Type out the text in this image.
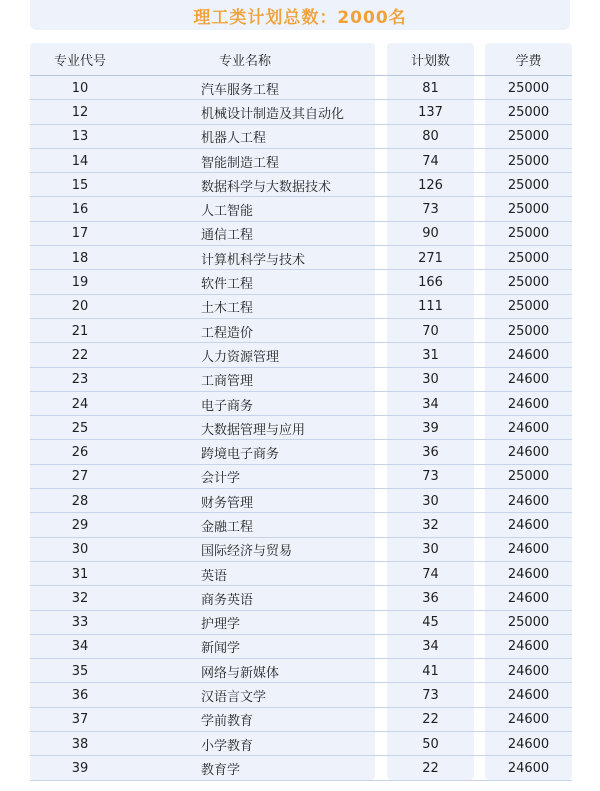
理工类计划总数：2000名
专业代号	专业名称	计划数	学费
10	汽车服务工程	81	25000
12	机械设计制造及其自动化	137	25000
13	机器人工程	80	25000
14	智能制造工程	74	25000
15	数据科学与大数据技术	126	25000
16	人工智能	73	25000
17	通信工程	90	25000
18	计算机科学与技术	271	25000
19	软件工程	166	25000
20	土木工程	111	25000
21	工程造价	70	25000
22	人力资源管理	31	24600
23	工商管理	30	24600
24	电子商务	34	24600
25	大数据管理与应用	39	24600
26	跨境电子商务	36	24600
27	会计学	73	25000
28	财务管理	30	24600
29	金融工程	32	24600
30	国际经济与贸易	30	24600
31	英语	74	24600
32	商务英语	36	24600
33	护理学	45	25000
34	新闻学	34	24600
35	网络与新媒体	41	24600
36	汉语言文学	73	24600
37	学前教育	22	24600
38	小学教育	50	24600
39	教育学	22	24600
